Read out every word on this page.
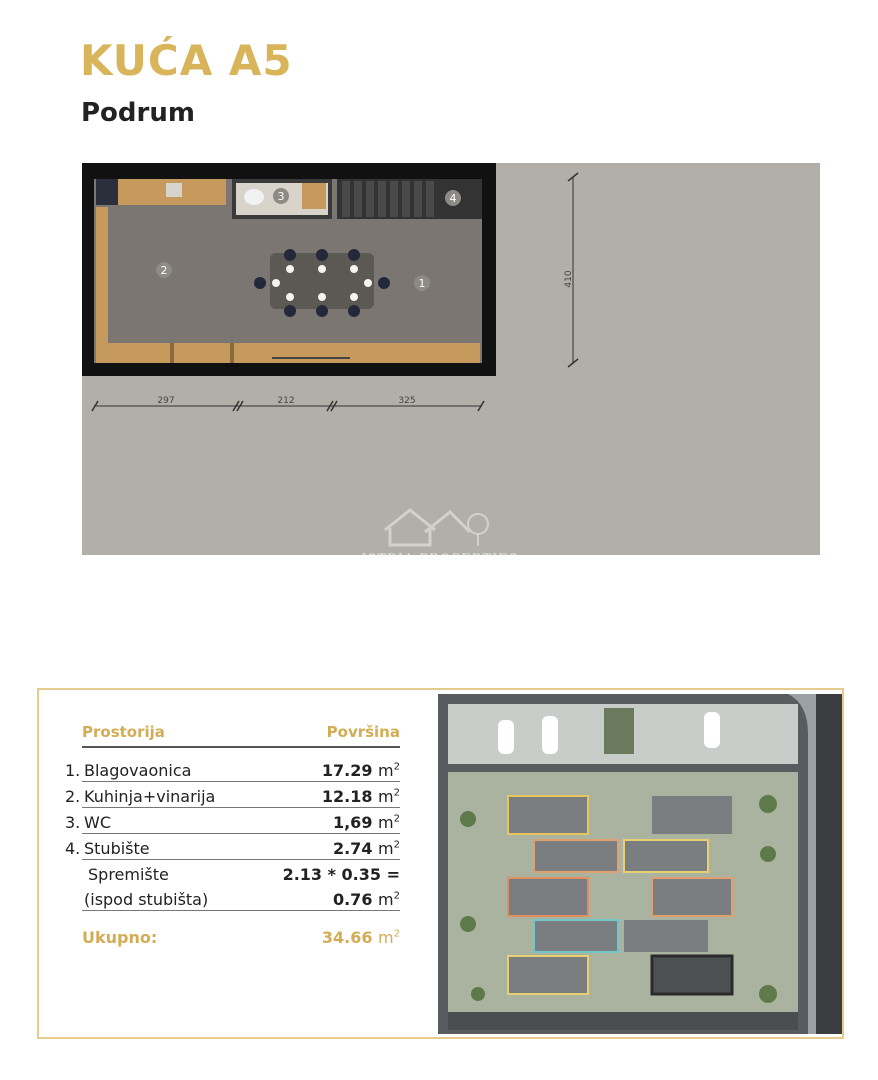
KUĆA A5
Podrum
1
2
3	4
410
297	212	325
ISTRIA PROPERTIES
Prostorija	Površina
1. Blagovaonica	17.29 $m^2$
2. Kuhinja+vinarija	12.18 $m^2$
3. WC	1,69 $m^2$
4. Stubište	2.74 $m^2$
Spremište	2.13 * 0.35 =
(ispod stubišta)	0.76 $m^2$
Ukupno:	34.66 $m^2$
